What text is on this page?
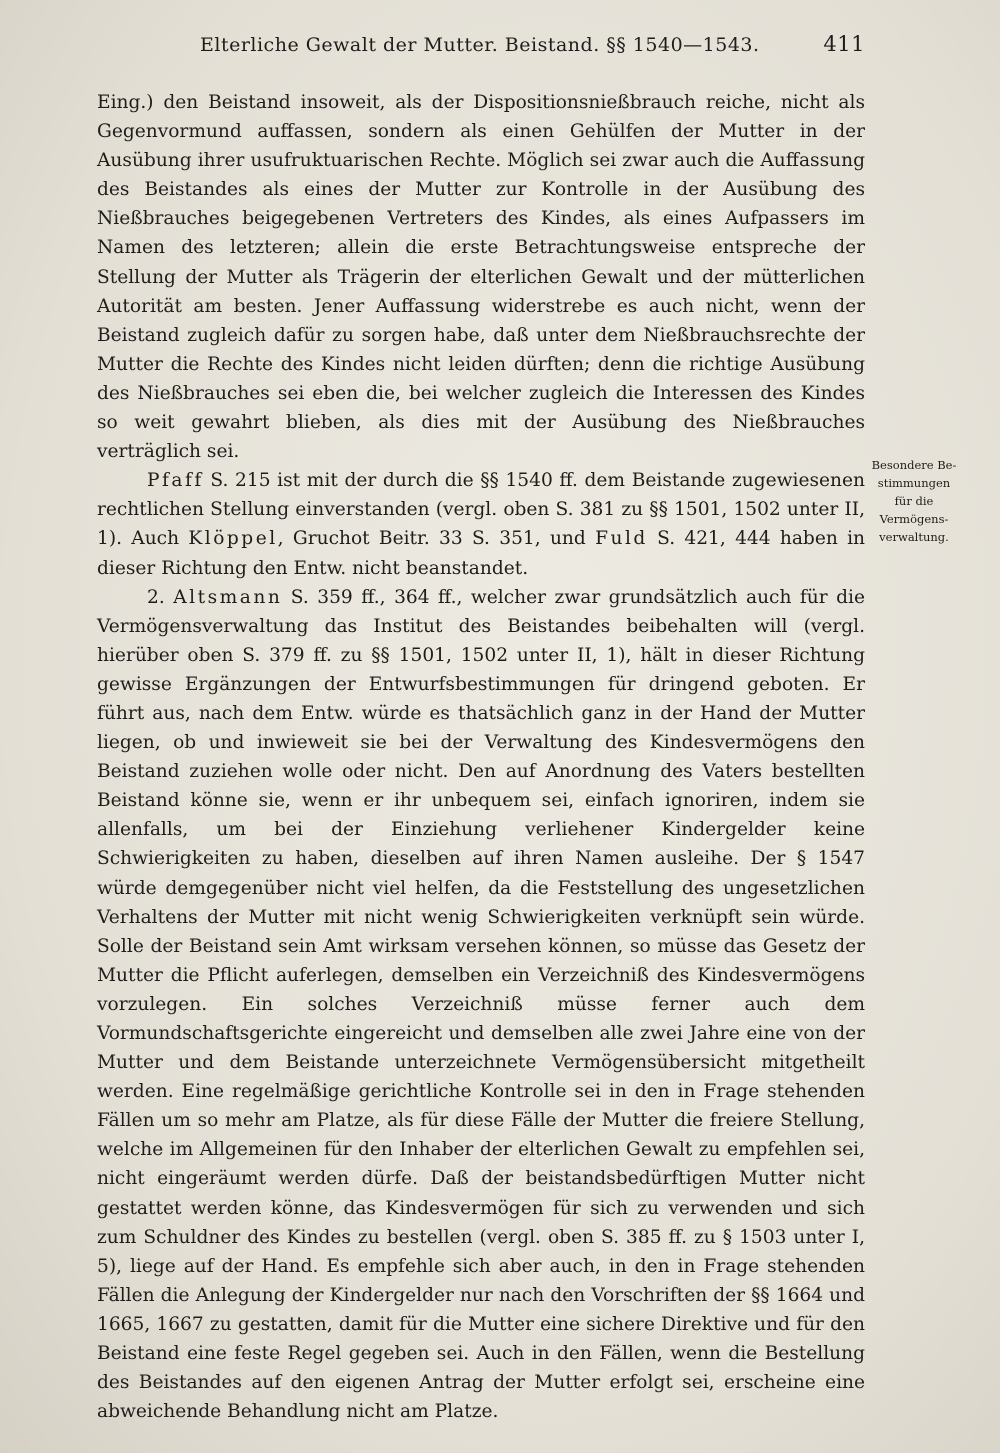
Elterliche Gewalt der Mutter. Beistand. §§ 1540—1543.	411

Eing.) den Beistand insoweit, als der Dispositionsnießbrauch reiche, nicht als Gegenvormund auffassen, sondern als einen Gehülfen der Mutter in der Ausübung ihrer usufruktuarischen Rechte. Möglich sei zwar auch die Auffassung des Beistandes als eines der Mutter zur Kontrolle in der Ausübung des Nießbrauches beigegebenen Vertreters des Kindes, als eines Aufpassers im Namen des letzteren; allein die erste Betrachtungsweise entspreche der Stellung der Mutter als Trägerin der elterlichen Gewalt und der mütterlichen Autorität am besten. Jener Auffassung widerstrebe es auch nicht, wenn der Beistand zugleich dafür zu sorgen habe, daß unter dem Nießbrauchsrechte der Mutter die Rechte des Kindes nicht leiden dürften; denn die richtige Ausübung des Nießbrauches sei eben die, bei welcher zugleich die Interessen des Kindes so weit gewahrt blieben, als dies mit der Ausübung des Nießbrauches verträglich sei.

Pfaff S. 215 ist mit der durch die §§ 1540 ff. dem Beistande zugewiesenen rechtlichen Stellung einverstanden (vergl. oben S. 381 zu §§ 1501, 1502 unter II, 1). Auch Klöppel, Gruchot Beitr. 33 S. 351, und Fuld S. 421, 444 haben in dieser Richtung den Entw. nicht beanstandet.

2. Altsmann S. 359 ff., 364 ff., welcher zwar grundsätzlich auch für die Vermögensverwaltung das Institut des Beistandes beibehalten will (vergl. hierüber oben S. 379 ff. zu §§ 1501, 1502 unter II, 1), hält in dieser Richtung gewisse Ergänzungen der Entwurfsbestimmungen für dringend geboten. Er führt aus, nach dem Entw. würde es thatsächlich ganz in der Hand der Mutter liegen, ob und inwieweit sie bei der Verwaltung des Kindesvermögens den Beistand zuziehen wolle oder nicht. Den auf Anordnung des Vaters bestellten Beistand könne sie, wenn er ihr unbequem sei, einfach ignoriren, indem sie allenfalls, um bei der Einziehung verliehener Kindergelder keine Schwierigkeiten zu haben, dieselben auf ihren Namen ausleihe. Der § 1547 würde demgegenüber nicht viel helfen, da die Feststellung des ungesetzlichen Verhaltens der Mutter mit nicht wenig Schwierigkeiten verknüpft sein würde. Solle der Beistand sein Amt wirksam versehen können, so müsse das Gesetz der Mutter die Pflicht auferlegen, demselben ein Verzeichniß des Kindesvermögens vorzulegen. Ein solches Verzeichniß müsse ferner auch dem Vormundschaftsgerichte eingereicht und demselben alle zwei Jahre eine von der Mutter und dem Beistande unterzeichnete Vermögensübersicht mitgetheilt werden. Eine regelmäßige gerichtliche Kontrolle sei in den in Frage stehenden Fällen um so mehr am Platze, als für diese Fälle der Mutter die freiere Stellung, welche im Allgemeinen für den Inhaber der elterlichen Gewalt zu empfehlen sei, nicht eingeräumt werden dürfe. Daß der beistandsbedürftigen Mutter nicht gestattet werden könne, das Kindesvermögen für sich zu verwenden und sich zum Schuldner des Kindes zu bestellen (vergl. oben S. 385 ff. zu § 1503 unter I, 5), liege auf der Hand. Es empfehle sich aber auch, in den in Frage stehenden Fällen die Anlegung der Kindergelder nur nach den Vorschriften der §§ 1664 und 1665, 1667 zu gestatten, damit für die Mutter eine sichere Direktive und für den Beistand eine feste Regel gegeben sei. Auch in den Fällen, wenn die Bestellung des Beistandes auf den eigenen Antrag der Mutter erfolgt sei, erscheine eine abweichende Behandlung nicht am Platze.

Besondere Be-
stimmungen
für die
Vermögens-
verwaltung.
